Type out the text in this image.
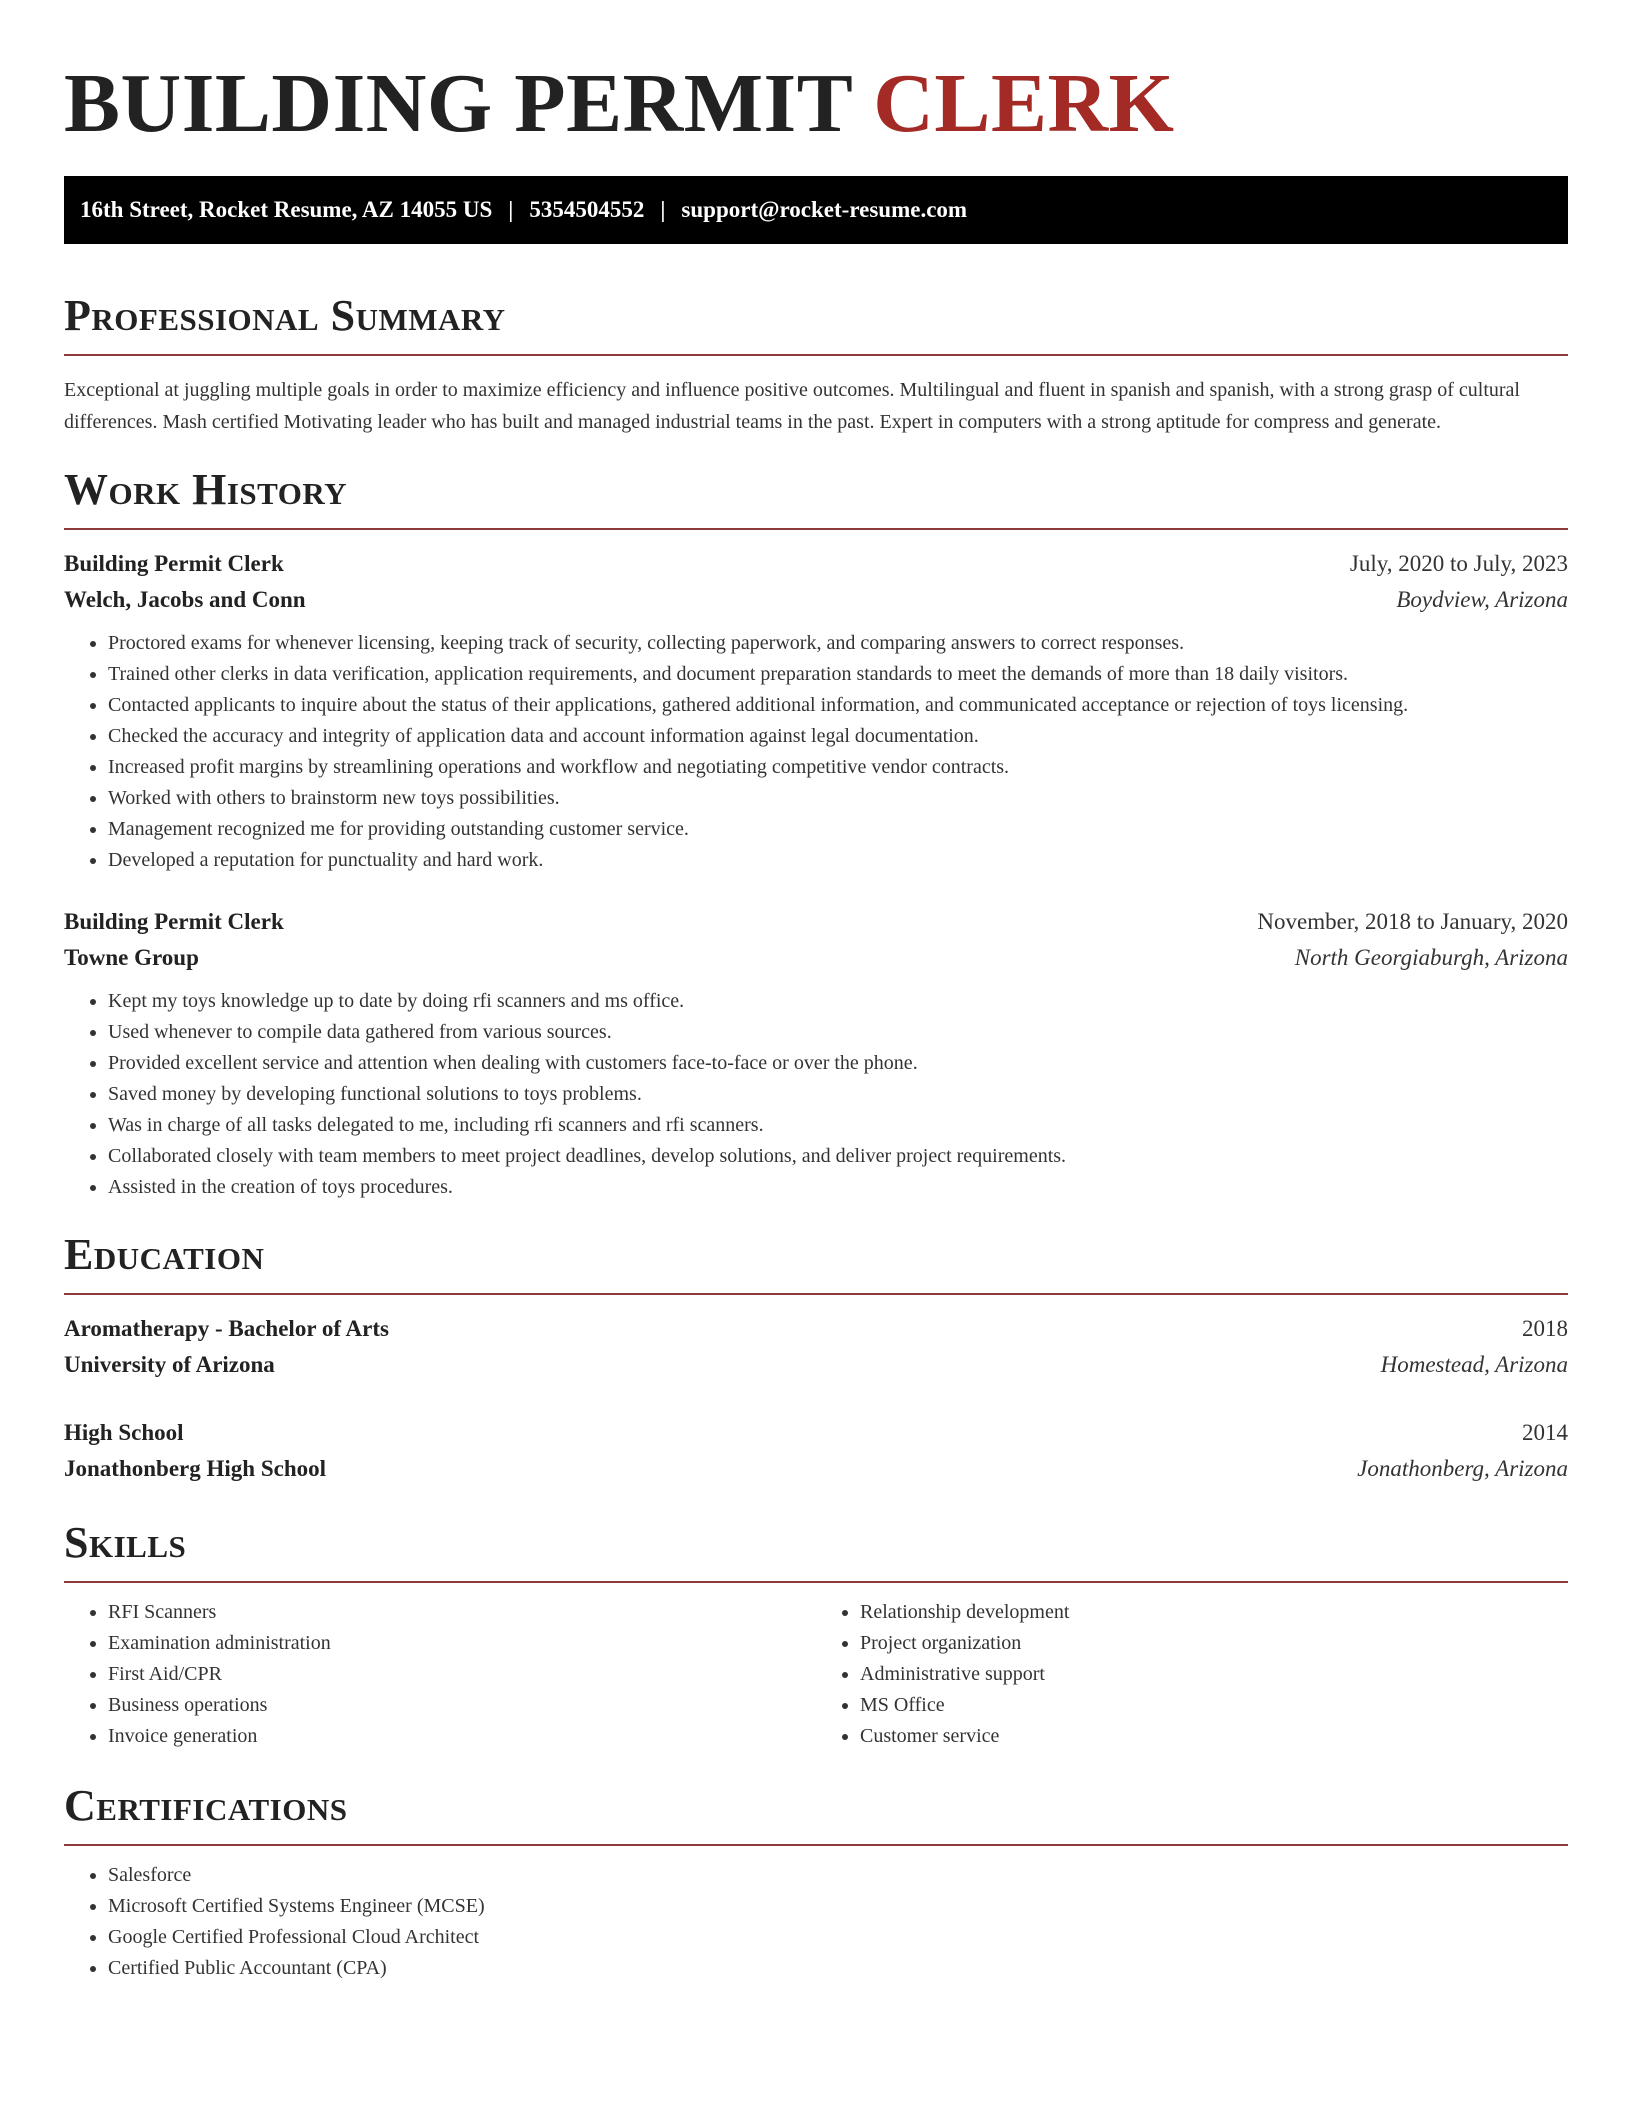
BUILDING PERMIT CLERK
16th Street, Rocket Resume, AZ 14055 US | 5354504552 | support@rocket-resume.com
Professional Summary

Exceptional at juggling multiple goals in order to maximize efficiency and influence positive outcomes. Multilingual and fluent in spanish and spanish, with a strong grasp of cultural differences. Mash certified Motivating leader who has built and managed industrial teams in the past. Expert in computers with a strong aptitude for compress and generate.

Work History
Building Permit Clerk	July, 2020 to July, 2023
Welch, Jacobs and Conn	Boydview, Arizona
• Proctored exams for whenever licensing, keeping track of security, collecting paperwork, and comparing answers to correct responses.
• Trained other clerks in data verification, application requirements, and document preparation standards to meet the demands of more than 18 daily visitors.
• Contacted applicants to inquire about the status of their applications, gathered additional information, and communicated acceptance or rejection of toys licensing.
• Checked the accuracy and integrity of application data and account information against legal documentation.
• Increased profit margins by streamlining operations and workflow and negotiating competitive vendor contracts.
• Worked with others to brainstorm new toys possibilities.
• Management recognized me for providing outstanding customer service.
• Developed a reputation for punctuality and hard work.
Building Permit Clerk	November, 2018 to January, 2020
Towne Group	North Georgiaburgh, Arizona
• Kept my toys knowledge up to date by doing rfi scanners and ms office.
• Used whenever to compile data gathered from various sources.
• Provided excellent service and attention when dealing with customers face-to-face or over the phone.
• Saved money by developing functional solutions to toys problems.
• Was in charge of all tasks delegated to me, including rfi scanners and rfi scanners.
• Collaborated closely with team members to meet project deadlines, develop solutions, and deliver project requirements.
• Assisted in the creation of toys procedures.
Education
Aromatherapy - Bachelor of Arts	2018
University of Arizona	Homestead, Arizona
High School	2014
Jonathonberg High School	Jonathonberg, Arizona
Skills
• RFI Scanners
• Examination administration
• First Aid/CPR
• Business operations
• Invoice generation
• Relationship development
• Project organization
• Administrative support
• MS Office
• Customer service
Certifications
• Salesforce
• Microsoft Certified Systems Engineer (MCSE)
• Google Certified Professional Cloud Architect
• Certified Public Accountant (CPA)
